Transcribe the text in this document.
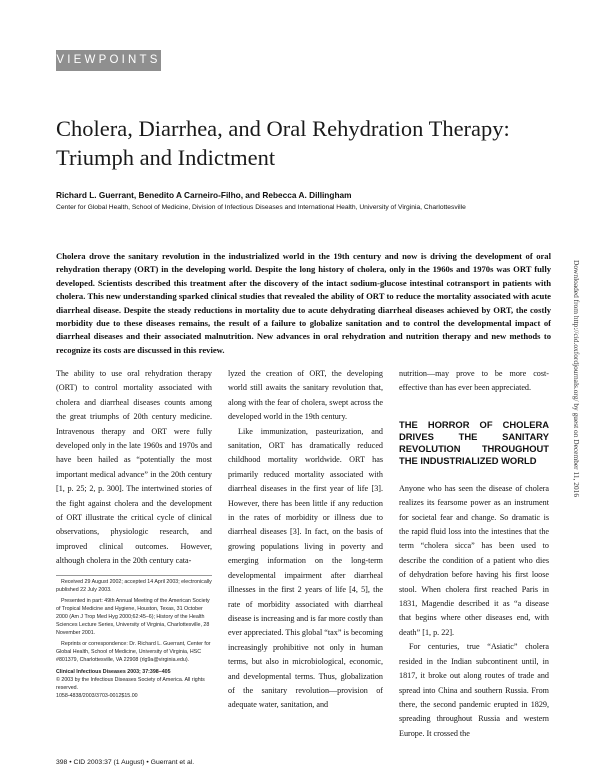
VIEWPOINTS
Cholera, Diarrhea, and Oral Rehydration Therapy: Triumph and Indictment
Richard L. Guerrant, Benedito A Carneiro-Filho, and Rebecca A. Dillingham
Center for Global Health, School of Medicine, Division of Infectious Diseases and International Health, University of Virginia, Charlottesville
Cholera drove the sanitary revolution in the industrialized world in the 19th century and now is driving the development of oral rehydration therapy (ORT) in the developing world. Despite the long history of cholera, only in the 1960s and 1970s was ORT fully developed. Scientists described this treatment after the discovery of the intact sodium-glucose intestinal cotransport in patients with cholera. This new understanding sparked clinical studies that revealed the ability of ORT to reduce the mortality associated with acute diarrheal disease. Despite the steady reductions in mortality due to acute dehydrating diarrheal diseases achieved by ORT, the costly morbidity due to these diseases remains, the result of a failure to globalize sanitation and to control the developmental impact of diarrheal diseases and their associated malnutrition. New advances in oral rehydration and nutrition therapy and new methods to recognize its costs are discussed in this review.

The ability to use oral rehydration therapy (ORT) to control mortality associated with cholera and diarrheal diseases counts among the great triumphs of 20th century medicine. Intravenous therapy and ORT were fully developed only in the late 1960s and 1970s and have been hailed as “potentially the most important medical advance” in the 20th century [1, p. 25; 2, p. 300]. The intertwined stories of the fight against cholera and the development of ORT illustrate the critical cycle of clinical observations, physiologic research, and improved clinical outcomes. However, although cholera in the 20th century cata-

Received 29 August 2002; accepted 14 April 2003; electronically published 22 July 2003.

Presented in part: 49th Annual Meeting of the American Society of Tropical Medicine and Hygiene, Houston, Texas, 31 October 2000 (Am J Trop Med Hyg 2000;62:45–6); History of the Health Sciences Lecture Series, University of Virginia, Charlottesville, 28 November 2001.

Reprints or correspondence: Dr. Richard L. Guerrant, Center for Global Health, School of Medicine, University of Virginia, HSC #801379, Charlottesville, VA 22908 (rlg9a@virginia.edu).

Clinical Infectious Diseases 2003; 37:398–405

© 2003 by the Infectious Diseases Society of America. All rights reserved.

1058-4838/2003/3703-0012$15.00

lyzed the creation of ORT, the developing world still awaits the sanitary revolution that, along with the fear of cholera, swept across the developed world in the 19th century.

Like immunization, pasteurization, and sanitation, ORT has dramatically reduced childhood mortality worldwide. ORT has primarily reduced mortality associated with diarrheal diseases in the first year of life [3]. However, there has been little if any reduction in the rates of morbidity or illness due to diarrheal diseases [3]. In fact, on the basis of growing populations living in poverty and emerging information on the long-term developmental impairment after diarrheal illnesses in the first 2 years of life [4, 5], the rate of morbidity associated with diarrheal disease is increasing and is far more costly than ever appreciated. This global “tax” is becoming increasingly prohibitive not only in human terms, but also in microbiological, economic, and developmental terms. Thus, globalization of the sanitary revolution—provision of adequate water, sanitation, and

nutrition—may prove to be more cost-effective than has ever been appreciated.

THE HORROR OF CHOLERA DRIVES THE SANITARY REVOLUTION THROUGHOUT THE INDUSTRIALIZED WORLD

Anyone who has seen the disease of cholera realizes its fearsome power as an instrument for societal fear and change. So dramatic is the rapid fluid loss into the intestines that the term “cholera sicca” has been used to describe the condition of a patient who dies of dehydration before having his first loose stool. When cholera first reached Paris in 1831, Magendie described it as “a disease that begins where other diseases end, with death” [1, p. 22].

For centuries, true “Asiatic” cholera resided in the Indian subcontinent until, in 1817, it broke out along routes of trade and spread into China and southern Russia. From there, the second pandemic erupted in 1829, spreading throughout Russia and western Europe. It crossed the

398 • CID 2003:37 (1 August) • Guerrant et al.
Downloaded from http://cid.oxfordjournals.org/ by guest on December 11, 2016
